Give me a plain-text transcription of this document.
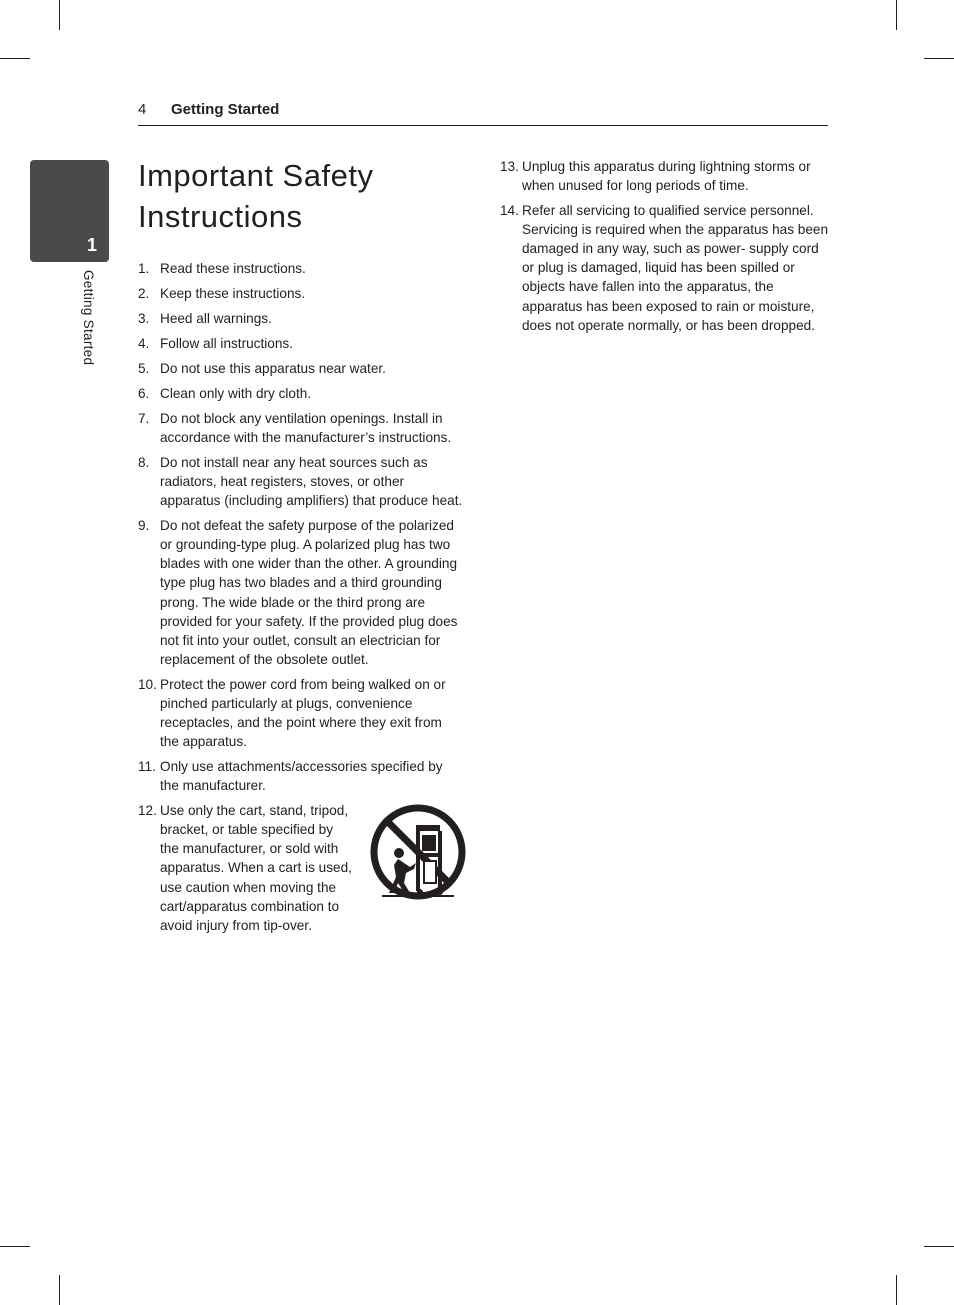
4 Getting Started
1
Getting Started
Important Safety Instructions
1. Read these instructions.
2. Keep these instructions.
3. Heed all warnings.
4. Follow all instructions.
5. Do not use this apparatus near water.
6. Clean only with dry cloth.
7. Do not block any ventilation openings. Install in accordance with the manufacturer’s instructions.
8. Do not install near any heat sources such as radiators, heat registers, stoves, or other apparatus (including amplifiers) that produce heat.
9. Do not defeat the safety purpose of the polarized or grounding-type plug. A polarized plug has two blades with one wider than the other. A grounding type plug has two blades and a third grounding prong. The wide blade or the third prong are provided for your safety. If the provided plug does not fit into your outlet, consult an electrician for replacement of the obsolete outlet.
10. Protect the power cord from being walked on or pinched particularly at plugs, convenience receptacles, and the point where they exit from the apparatus.
11. Only use attachments/accessories specified by the manufacturer.
12. Use only the cart, stand, tripod, bracket, or table specified by the manufacturer, or sold with apparatus. When a cart is used, use caution when moving the cart/apparatus combination to avoid injury from tip-over.
13. Unplug this apparatus during lightning storms or when unused for long periods of time.
14. Refer all servicing to qualified service personnel. Servicing is required when the apparatus has been damaged in any way, such as power- supply cord or plug is damaged, liquid has been spilled or objects have fallen into the apparatus, the apparatus has been exposed to rain or moisture, does not operate normally, or has been dropped.
